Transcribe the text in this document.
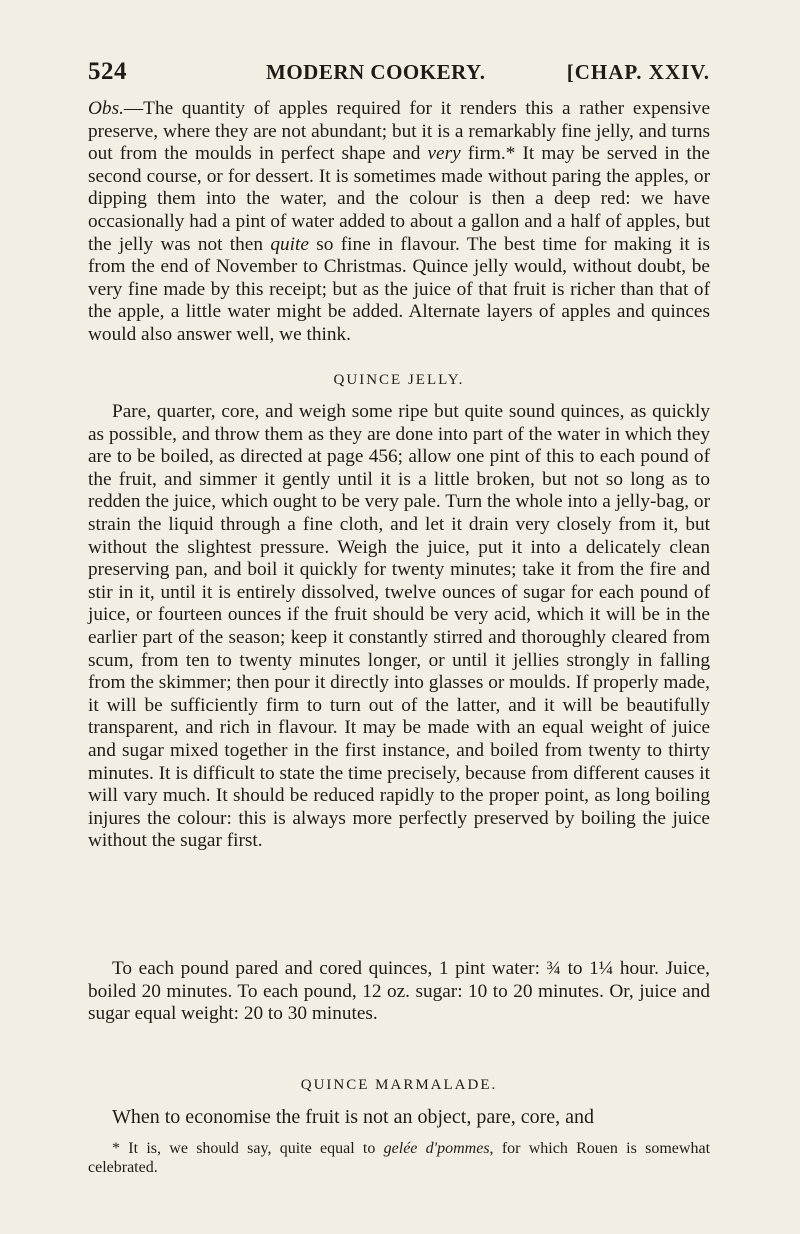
524	MODERN COOKERY.	[CHAP. XXIV.

Obs.—The quantity of apples required for it renders this a rather expensive preserve, where they are not abundant; but it is a remarkably fine jelly, and turns out from the moulds in perfect shape and very firm.* It may be served in the second course, or for dessert. It is sometimes made without paring the apples, or dipping them into the water, and the colour is then a deep red: we have occasionally had a pint of water added to about a gallon and a half of apples, but the jelly was not then quite so fine in flavour. The best time for making it is from the end of November to Christmas. Quince jelly would, without doubt, be very fine made by this receipt; but as the juice of that fruit is richer than that of the apple, a little water might be added. Alternate layers of apples and quinces would also answer well, we think.

QUINCE JELLY.

Pare, quarter, core, and weigh some ripe but quite sound quinces, as quickly as possible, and throw them as they are done into part of the water in which they are to be boiled, as directed at page 456; allow one pint of this to each pound of the fruit, and simmer it gently until it is a little broken, but not so long as to redden the juice, which ought to be very pale. Turn the whole into a jelly-bag, or strain the liquid through a fine cloth, and let it drain very closely from it, but without the slightest pressure. Weigh the juice, put it into a delicately clean preserving pan, and boil it quickly for twenty minutes; take it from the fire and stir in it, until it is entirely dissolved, twelve ounces of sugar for each pound of juice, or fourteen ounces if the fruit should be very acid, which it will be in the earlier part of the season; keep it constantly stirred and thoroughly cleared from scum, from ten to twenty minutes longer, or until it jellies strongly in falling from the skimmer; then pour it directly into glasses or moulds. If properly made, it will be sufficiently firm to turn out of the latter, and it will be beautifully transparent, and rich in flavour. It may be made with an equal weight of juice and sugar mixed together in the first instance, and boiled from twenty to thirty minutes. It is difficult to state the time precisely, because from different causes it will vary much. It should be reduced rapidly to the proper point, as long boiling injures the colour: this is always more perfectly preserved by boiling the juice without the sugar first.

To each pound pared and cored quinces, 1 pint water: ¾ to 1¼ hour. Juice, boiled 20 minutes. To each pound, 12 oz. sugar: 10 to 20 minutes. Or, juice and sugar equal weight: 20 to 30 minutes.

QUINCE MARMALADE.

When to economise the fruit is not an object, pare, core, and

* It is, we should say, quite equal to gelée d'pommes, for which Rouen is somewhat celebrated.
